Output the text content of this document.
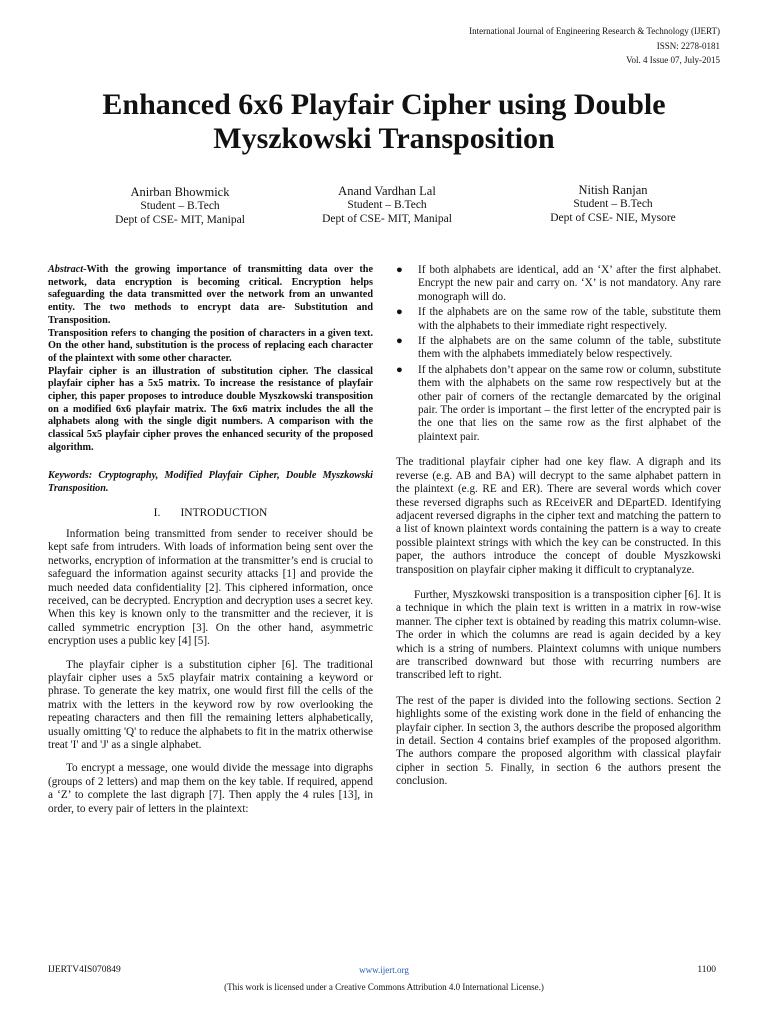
International Journal of Engineering Research & Technology (IJERT)
ISSN: 2278-0181
Vol. 4 Issue 07, July-2015
Enhanced 6x6 Playfair Cipher using Double
Myszkowski Transposition
Anirban Bhowmick
Student – B.Tech
Dept of CSE- MIT, Manipal
Anand Vardhan Lal
Student – B.Tech
Dept of CSE- MIT, Manipal
Nitish Ranjan
Student – B.Tech
Dept of CSE- NIE, Mysore
Abstract-With the growing importance of transmitting data over the network, data encryption is becoming critical. Encryption helps safeguarding the data transmitted over the network from an unwanted entity. The two methods to encrypt data are- Substitution and Transposition.
Transposition refers to changing the position of characters in a given text. On the other hand, substitution is the process of replacing each character of the plaintext with some other character.
Playfair cipher is an illustration of substitution cipher. The classical playfair cipher has a 5x5 matrix. To increase the resistance of playfair cipher, this paper proposes to introduce double Myszkowski transposition on a modified 6x6 playfair matrix. The 6x6 matrix includes the all the alphabets along with the single digit numbers. A comparison with the classical 5x5 playfair cipher proves the enhanced security of the proposed algorithm.
Keywords: Cryptography, Modified Playfair Cipher, Double Myszkowski Transposition.
I. INTRODUCTION

Information being transmitted from sender to receiver should be kept safe from intruders. With loads of information being sent over the networks, encryption of information at the transmitter’s end is crucial to safeguard the information against security attacks [1] and provide the much needed data confidentiality [2]. This ciphered information, once received, can be decrypted. Encryption and decryption uses a secret key. When this key is known only to the transmitter and the reciever, it is called symmetric encryption [3]. On the other hand, asymmetric encryption uses a public key [4] [5].

The playfair cipher is a substitution cipher [6]. The traditional playfair cipher uses a 5x5 playfair matrix containing a keyword or phrase. To generate the key matrix, one would first fill the cells of the matrix with the letters in the keyword row by row overlooking the repeating characters and then fill the remaining letters alphabetically, usually omitting 'Q' to reduce the alphabets to fit in the matrix otherwise treat 'I' and 'J' as a single alphabet.

To encrypt a message, one would divide the message into digraphs (groups of 2 letters) and map them on the key table. If required, append a ‘Z’ to complete the last digraph [7]. Then apply the 4 rules [13], in order, to every pair of letters in the plaintext:

● If both alphabets are identical, add an ‘X’ after the first alphabet. Encrypt the new pair and carry on. ‘X’ is not mandatory. Any rare monograph will do.
● If the alphabets are on the same row of the table, substitute them with the alphabets to their immediate right respectively.
● If the alphabets are on the same column of the table, substitute them with the alphabets immediately below respectively.
● If the alphabets don’t appear on the same row or column, substitute them with the alphabets on the same row respectively but at the other pair of corners of the rectangle demarcated by the original pair. The order is important – the first letter of the encrypted pair is the one that lies on the same row as the first alphabet of the plaintext pair.

The traditional playfair cipher had one key flaw. A digraph and its reverse (e.g. AB and BA) will decrypt to the same alphabet pattern in the plaintext (e.g. RE and ER). There are several words which cover these reversed digraphs such as REceivER and DEpartED. Identifying adjacent reversed digraphs in the cipher text and matching the pattern to a list of known plaintext words containing the pattern is a way to create possible plaintext strings with which the key can be constructed. In this paper, the authors introduce the concept of double Myszkowski transposition on playfair cipher making it difficult to cryptanalyze.

Further, Myszkowski transposition is a transposition cipher [6]. It is a technique in which the plain text is written in a matrix in row-wise manner. The cipher text is obtained by reading this matrix column-wise. The order in which the columns are read is again decided by a key which is a string of numbers. Plaintext columns with unique numbers are transcribed downward but those with recurring numbers are transcribed left to right.

The rest of the paper is divided into the following sections. Section 2 highlights some of the existing work done in the field of enhancing the playfair cipher. In section 3, the authors describe the proposed algorithm in detail. Section 4 contains brief examples of the proposed algorithm. The authors compare the proposed algorithm with classical playfair cipher in section 5. Finally, in section 6 the authors present the conclusion.

IJERTV4IS070849	www.ijert.org	1100
(This work is licensed under a Creative Commons Attribution 4.0 International License.)
